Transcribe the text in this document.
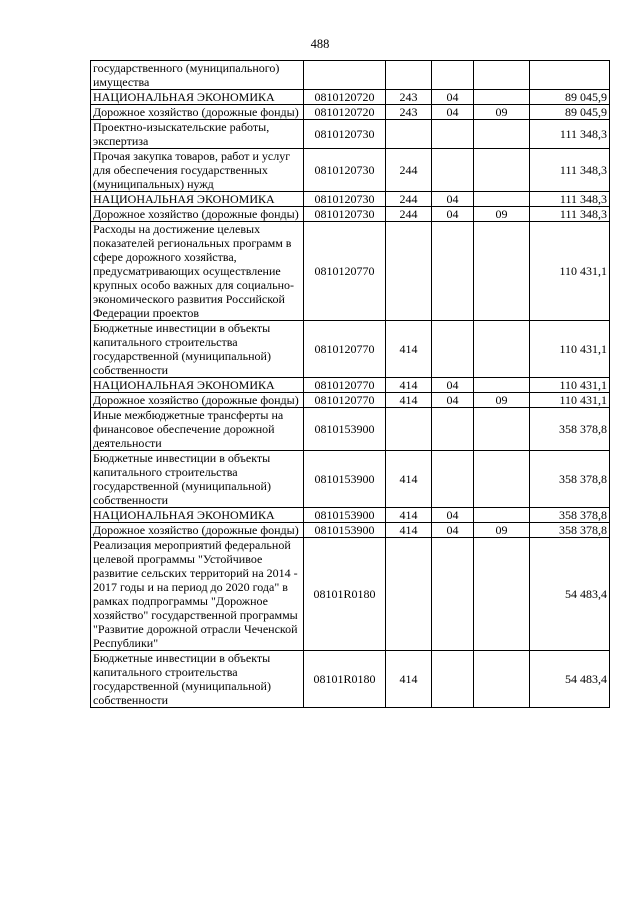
488
государственного (муниципального) имущества					
НАЦИОНАЛЬНАЯ ЭКОНОМИКА	0810120720	243	04		89 045,9
Дорожное хозяйство (дорожные фонды)	0810120720	243	04	09	89 045,9
Проектно-изыскательские работы, экспертиза	0810120730				111 348,3
Прочая закупка товаров, работ и услуг для обеспечения государственных (муниципальных) нужд	0810120730	244			111 348,3
НАЦИОНАЛЬНАЯ ЭКОНОМИКА	0810120730	244	04		111 348,3
Дорожное хозяйство (дорожные фонды)	0810120730	244	04	09	111 348,3
Расходы на достижение целевых показателей региональных программ в сфере дорожного хозяйства, предусматривающих осуществление крупных особо важных для социально-экономического развития Российской Федерации проектов	0810120770				110 431,1
Бюджетные инвестиции в объекты капитального строительства государственной (муниципальной) собственности	0810120770	414			110 431,1
НАЦИОНАЛЬНАЯ ЭКОНОМИКА	0810120770	414	04		110 431,1
Дорожное хозяйство (дорожные фонды)	0810120770	414	04	09	110 431,1
Иные межбюджетные трансферты на финансовое обеспечение дорожной деятельности	0810153900				358 378,8
Бюджетные инвестиции в объекты капитального строительства государственной (муниципальной) собственности	0810153900	414			358 378,8
НАЦИОНАЛЬНАЯ ЭКОНОМИКА	0810153900	414	04		358 378,8
Дорожное хозяйство (дорожные фонды)	0810153900	414	04	09	358 378,8
Реализация мероприятий федеральной целевой программы "Устойчивое развитие сельских территорий на 2014 - 2017 годы и на период до 2020 года" в рамках подпрограммы "Дорожное хозяйство" государственной программы "Развитие дорожной отрасли Чеченской Республики"	08101R0180				54 483,4
Бюджетные инвестиции в объекты капитального строительства государственной (муниципальной) собственности	08101R0180	414			54 483,4
